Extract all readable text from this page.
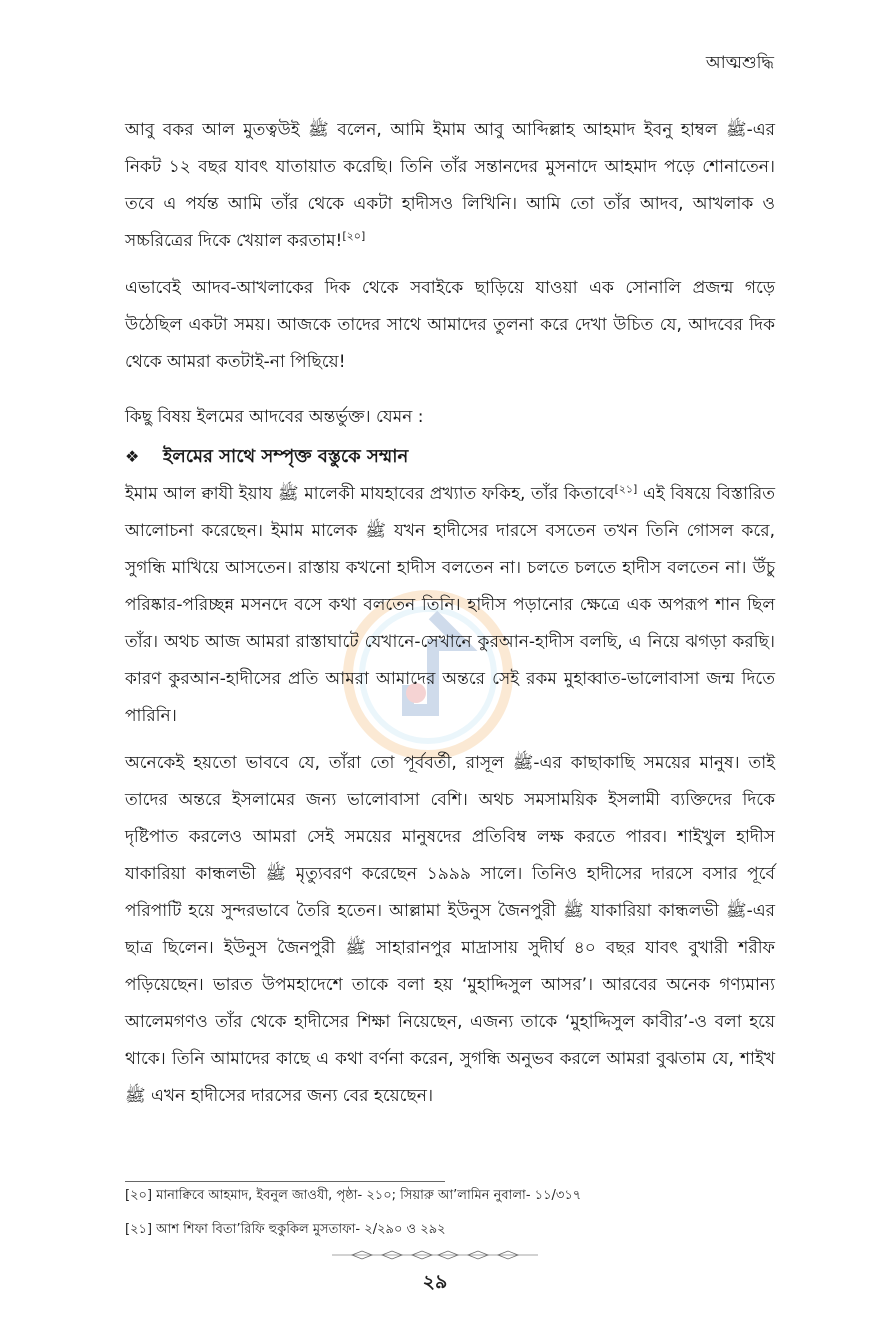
আত্মশুদ্ধি

আবু বকর আল মুতত্বউই ﷺ বলেন, আমি ইমাম আবু আব্দিল্লাহ আহমাদ ইবনু হাম্বল ﷺ-এর নিকট ১২ বছর যাবৎ যাতায়াত করেছি। তিনি তাঁর সন্তানদের মুসনাদে আহমাদ পড়ে শোনাতেন। তবে এ পর্যন্ত আমি তাঁর থেকে একটা হাদীসও লিখিনি। আমি তো তাঁর আদব, আখলাক ও সচ্চরিত্রের দিকে খেয়াল করতাম![২০]

এভাবেই আদব-আখলাকের দিক থেকে সবাইকে ছাড়িয়ে যাওয়া এক সোনালি প্রজন্ম গড়ে উঠেছিল একটা সময়। আজকে তাদের সাথে আমাদের তুলনা করে দেখা উচিত যে, আদবের দিক থেকে আমরা কতটাই-না পিছিয়ে!

কিছু বিষয় ইলমের আদবের অন্তর্ভুক্ত। যেমন :

❖	ইলমের সাথে সম্পৃক্ত বস্তুকে সম্মান

ইমাম আল ক্বাযী ইয়ায ﷺ মালেকী মাযহাবের প্রখ্যাত ফকিহ, তাঁর কিতাবে[২১] এই বিষয়ে বিস্তারিত আলোচনা করেছেন। ইমাম মালেক ﷺ যখন হাদীসের দারসে বসতেন তখন তিনি গোসল করে, সুগন্ধি মাখিয়ে আসতেন। রাস্তায় কখনো হাদীস বলতেন না। চলতে চলতে হাদীস বলতেন না। উঁচু পরিষ্কার-পরিচ্ছন্ন মসনদে বসে কথা বলতেন তিনি। হাদীস পড়ানোর ক্ষেত্রে এক অপরূপ শান ছিল তাঁর। অথচ আজ আমরা রাস্তাঘাটে যেখানে-সেখানে কুরআন-হাদীস বলছি, এ নিয়ে ঝগড়া করছি। কারণ কুরআন-হাদীসের প্রতি আমরা আমাদের অন্তরে সেই রকম মুহাব্বাত-ভালোবাসা জন্ম দিতে পারিনি।

অনেকেই হয়তো ভাববে যে, তাঁরা তো পূর্ববর্তী, রাসূল ﷺ-এর কাছাকাছি সময়ের মানুষ। তাই তাদের অন্তরে ইসলামের জন্য ভালোবাসা বেশি। অথচ সমসাময়িক ইসলামী ব্যক্তিদের দিকে দৃষ্টিপাত করলেও আমরা সেই সময়ের মানুষদের প্রতিবিম্ব লক্ষ করতে পারব। শাইখুল হাদীস যাকারিয়া কান্ধলভী ﷺ মৃত্যুবরণ করেছেন ১৯৯৯ সালে। তিনিও হাদীসের দারসে বসার পূর্বে পরিপাটি হয়ে সুন্দরভাবে তৈরি হতেন। আল্লামা ইউনুস জৈনপুরী ﷺ যাকারিয়া কান্ধলভী ﷺ-এর ছাত্র ছিলেন। ইউনুস জৈনপুরী ﷺ সাহারানপুর মাদ্রাসায় সুদীর্ঘ ৪০ বছর যাবৎ বুখারী শরীফ পড়িয়েছেন। ভারত উপমহাদেশে তাকে বলা হয় ‘মুহাদ্দিসুল আসর’। আরবের অনেক গণ্যমান্য আলেমগণও তাঁর থেকে হাদীসের শিক্ষা নিয়েছেন, এজন্য তাকে ‘মুহাদ্দিসুল কাবীর’-ও বলা হয়ে থাকে। তিনি আমাদের কাছে এ কথা বর্ণনা করেন, সুগন্ধি অনুভব করলে আমরা বুঝতাম যে, শাইখ ﷺ এখন হাদীসের দারসের জন্য বের হয়েছেন।

[২০] মানাক্বিবে আহমাদ, ইবনুল জাওযী, পৃষ্ঠা- ২১০; সিয়ারু আ’লামিন নুবালা- ১১/৩১৭
[২১] আশ শিফা বিতা’রিফি হুকুকিল মুসতাফা- ২/২৯০ ও ২৯২
২৯
